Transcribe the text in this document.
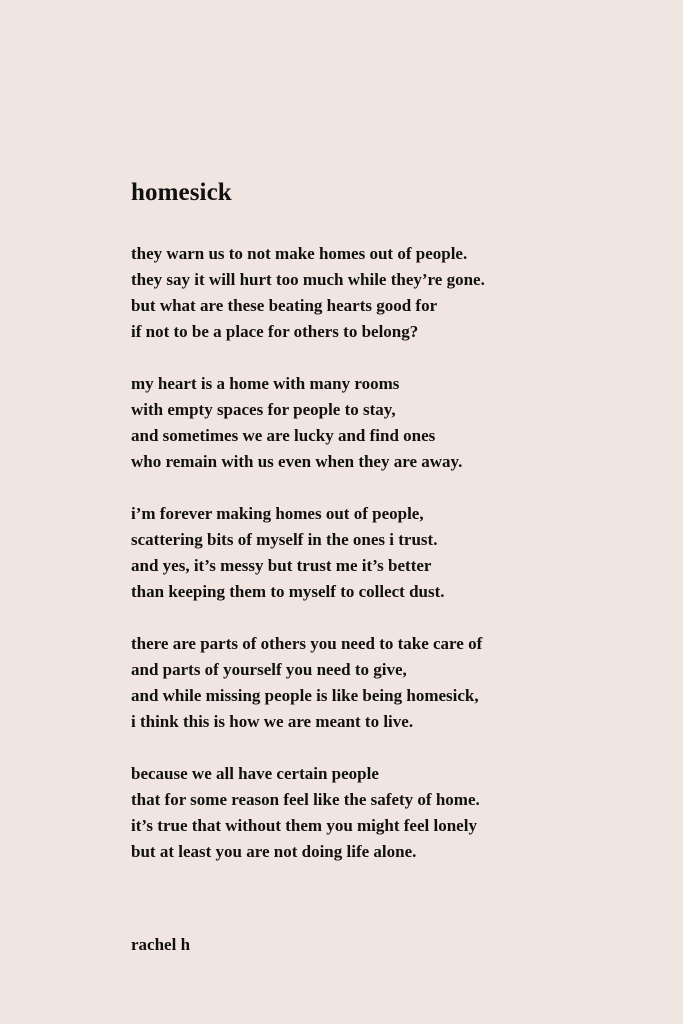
homesick
they warn us to not make homes out of people.
they say it will hurt too much while they’re gone.
but what are these beating hearts good for
if not to be a place for others to belong?
my heart is a home with many rooms
with empty spaces for people to stay,
and sometimes we are lucky and find ones
who remain with us even when they are away.
i’m forever making homes out of people,
scattering bits of myself in the ones i trust.
and yes, it’s messy but trust me it’s better
than keeping them to myself to collect dust.
there are parts of others you need to take care of
and parts of yourself you need to give,
and while missing people is like being homesick,
i think this is how we are meant to live.
because we all have certain people
that for some reason feel like the safety of home.
it’s true that without them you might feel lonely
but at least you are not doing life alone.

rachel h
